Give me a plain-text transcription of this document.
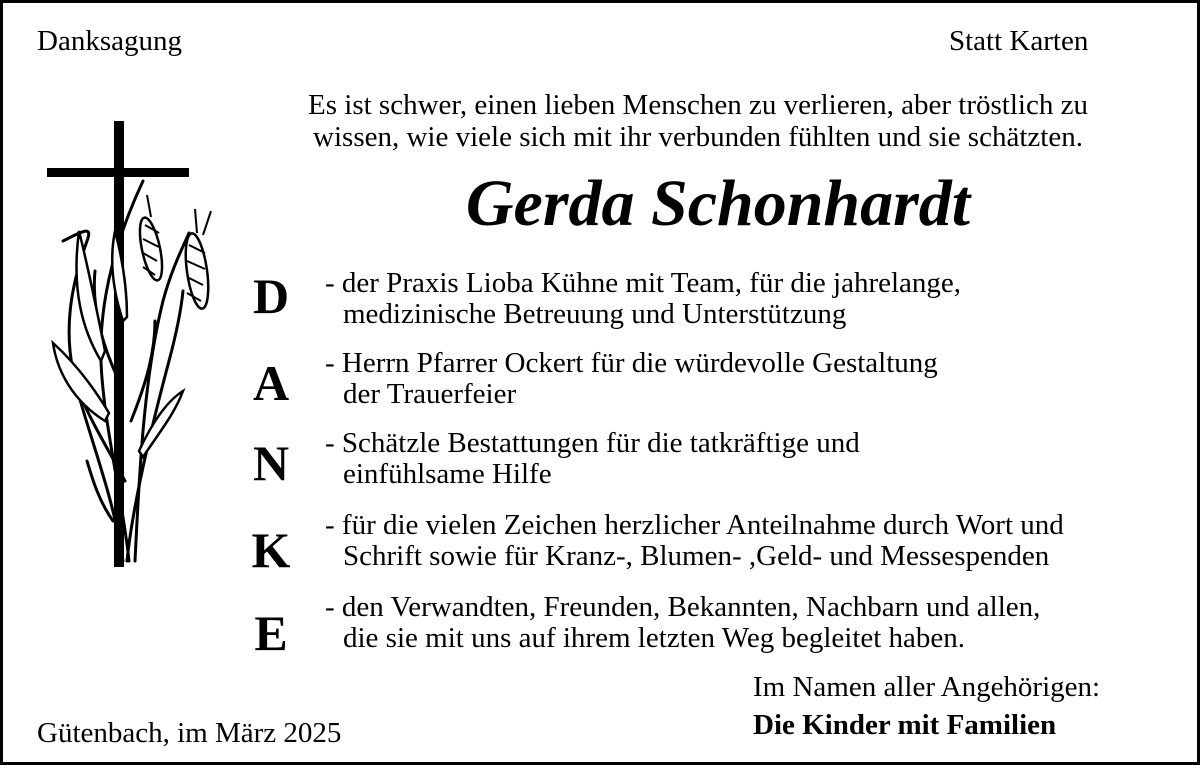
Danksagung	Statt Karten
Es ist schwer, einen lieben Menschen zu verlieren, aber tröstlich zu
wissen, wie viele sich mit ihr verbunden fühlten und sie schätzten.
Gerda Schonhardt
D - der Praxis Lioba Kühne mit Team, für die jahrelange,
medizinische Betreuung und Unterstützung
A - Herrn Pfarrer Ockert für die würdevolle Gestaltung
der Trauerfeier
N - Schätzle Bestattungen für die tatkräftige und
einfühlsame Hilfe
K - für die vielen Zeichen herzlicher Anteilnahme durch Wort und
Schrift sowie für Kranz-, Blumen- ,Geld- und Messespenden
E - den Verwandten, Freunden, Bekannten, Nachbarn und allen,
die sie mit uns auf ihrem letzten Weg begleitet haben.
Im Namen aller Angehörigen:
Gütenbach, im März 2025	Die Kinder mit Familien
